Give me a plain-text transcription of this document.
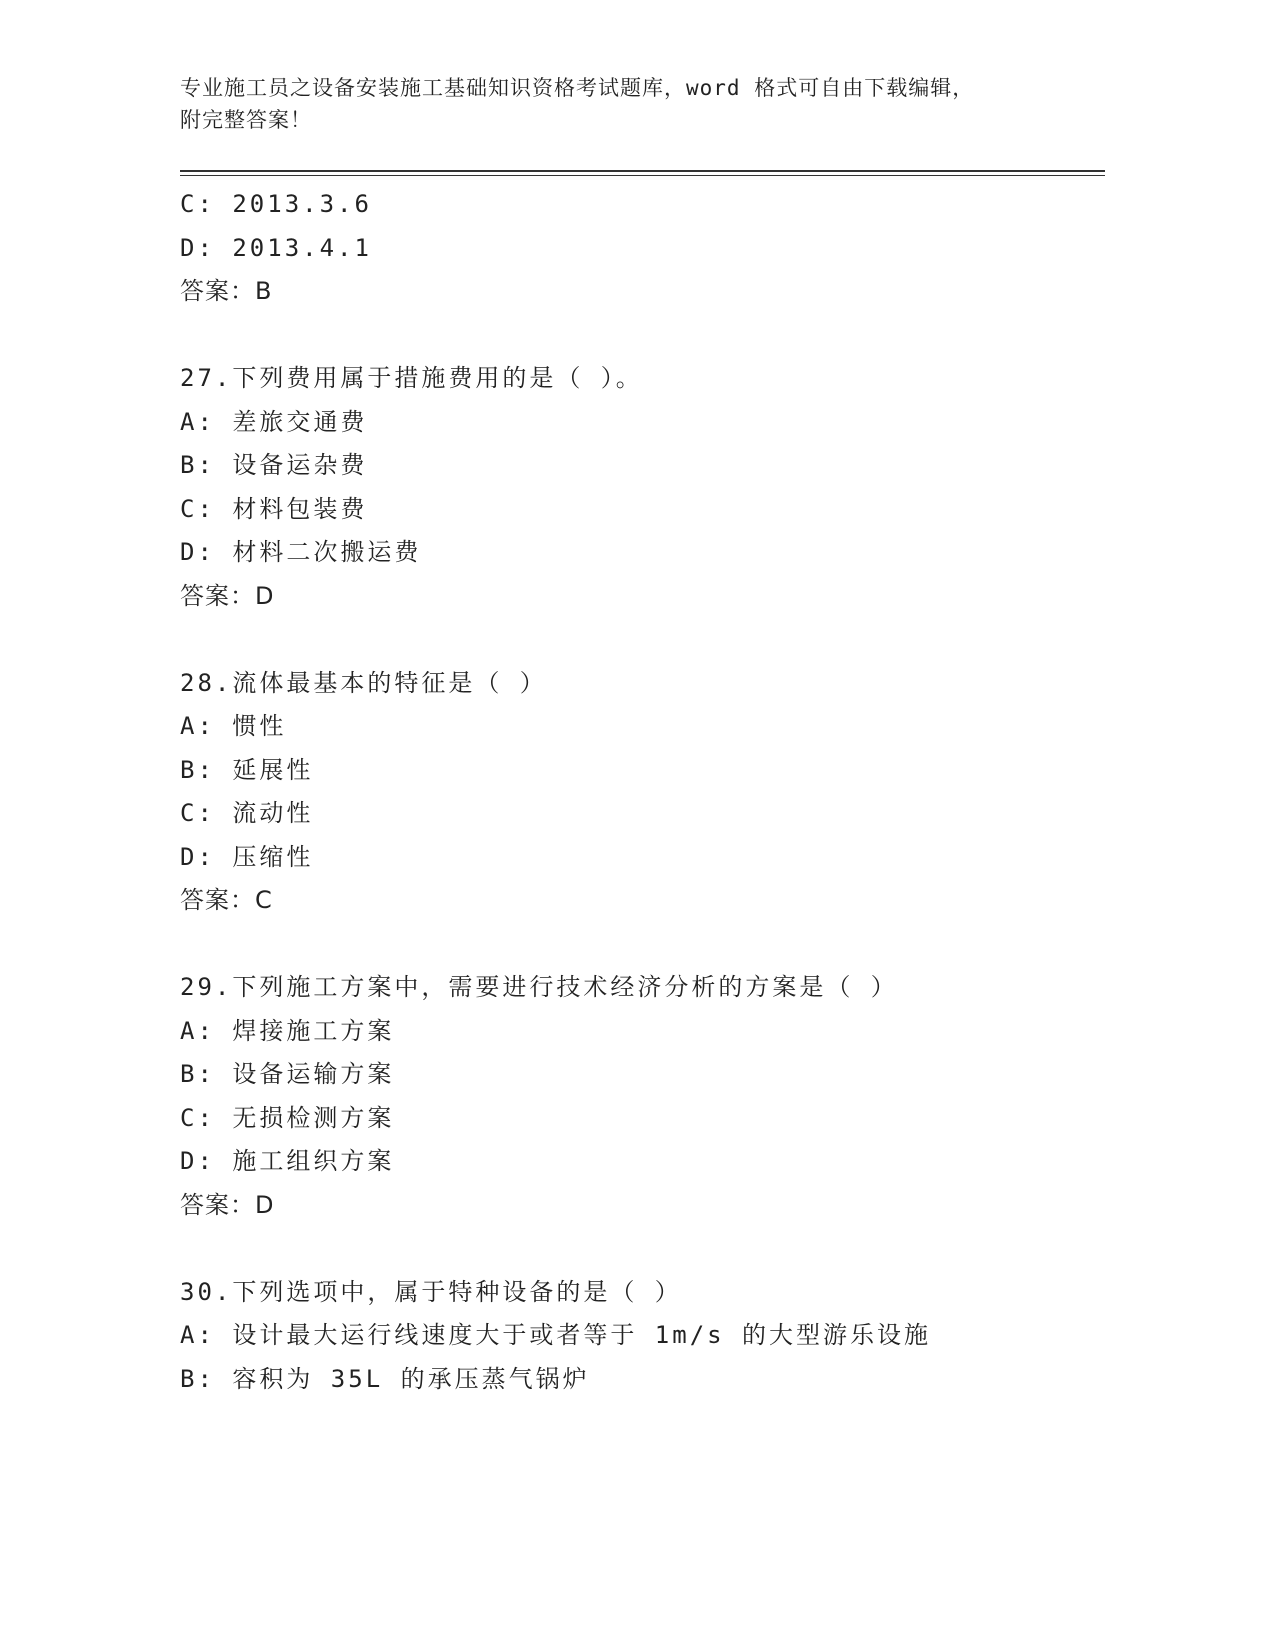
专业施工员之设备安装施工基础知识资格考试题库，word 格式可自由下载编辑，
附完整答案！
C: 2013.3.6
D: 2013.4.1
答案：B
27.下列费用属于措施费用的是（ ）。
A: 差旅交通费
B: 设备运杂费
C: 材料包装费
D: 材料二次搬运费
答案：D
28.流体最基本的特征是（ ）
A: 惯性
B: 延展性
C: 流动性
D: 压缩性
答案：C
29.下列施工方案中，需要进行技术经济分析的方案是（ ）
A: 焊接施工方案
B: 设备运输方案
C: 无损检测方案
D: 施工组织方案
答案：D
30.下列选项中，属于特种设备的是（ ）
A: 设计最大运行线速度大于或者等于 1m/s 的大型游乐设施
B: 容积为 35L 的承压蒸气锅炉
